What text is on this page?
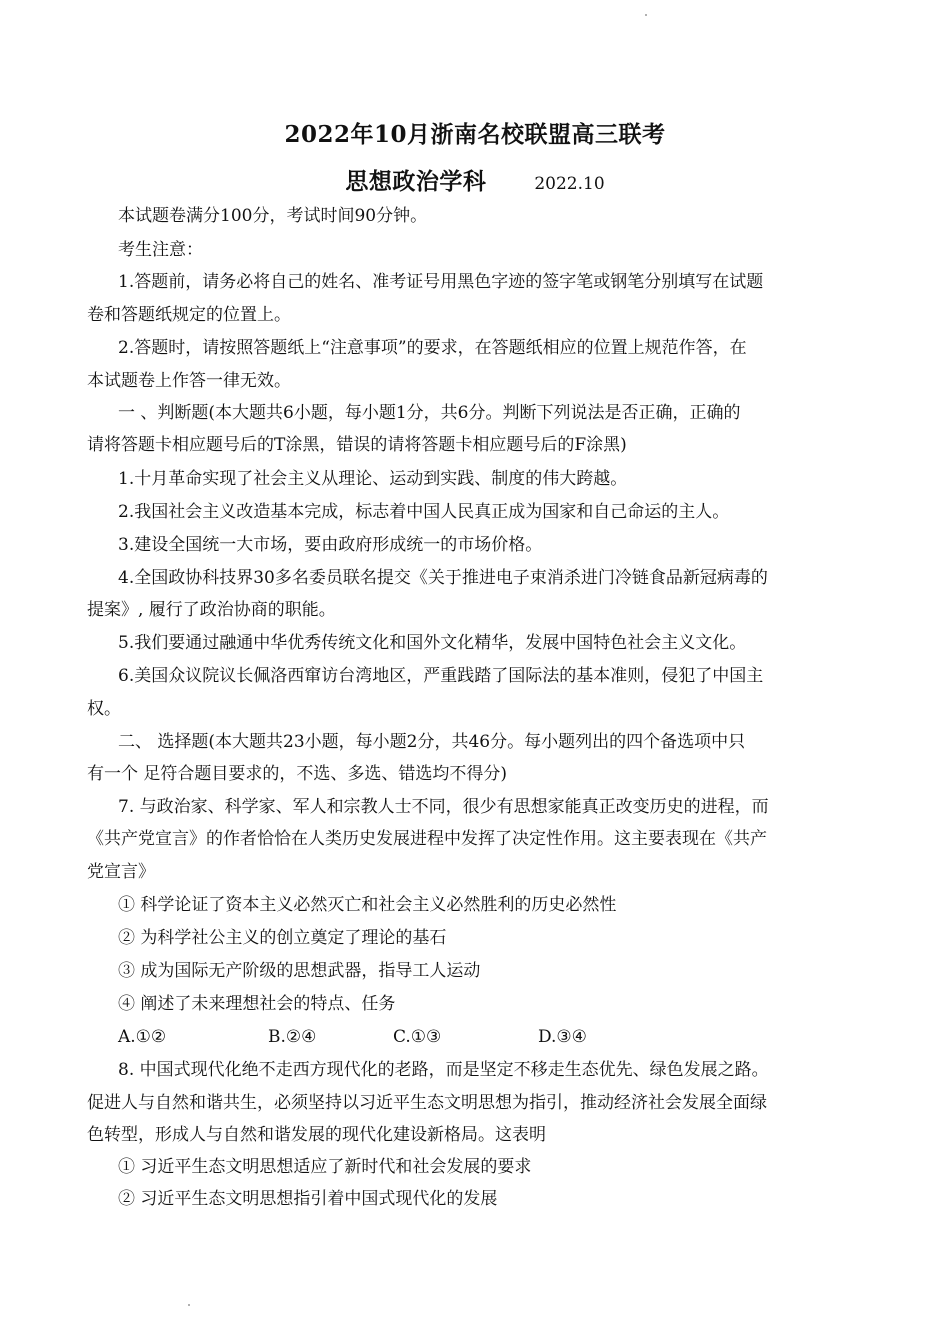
2022年10月浙南名校联盟高三联考
思想政治学科	2022.10
本试题卷满分100分，考试时间90分钟。
考生注意：
1.答题前，请务必将自己的姓名、准考证号用黑色字迹的签字笔或钢笔分别填写在试题
卷和答题纸规定的位置上。
2.答题时，请按照答题纸上“注意事项”的要求，在答题纸相应的位置上规范作答，在
本试题卷上作答一律无效。
一 、判断题(本大题共6小题，每小题1分，共6分。判断下列说法是否正确，正确的
请将答题卡相应题号后的T涂黑，错误的请将答题卡相应题号后的F涂黑)
1.十月革命实现了社会主义从理论、运动到实践、制度的伟大跨越。
2.我国社会主义改造基本完成，标志着中国人民真正成为国家和自己命运的主人。
3.建设全国统一大市场，要由政府形成统一的市场价格。
4.全国政协科技界30多名委员联名提交《关于推进电子束消杀进门冷链食品新冠病毒的
提案》, 履行了政治协商的职能。
5.我们要通过融通中华优秀传统文化和国外文化精华，发展中国特色社会主义文化。
6.美国众议院议长佩洛西窜访台湾地区，严重践踏了国际法的基本准则，侵犯了中国主
权。
二、 选择题(本大题共23小题，每小题2分，共46分。每小题列出的四个备选项中只
有一个 足符合题目要求的，不选、多选、错选均不得分)
7. 与政治家、科学家、军人和宗教人士不同，很少有思想家能真正改变历史的进程，而
《共产党宣言》的作者恰恰在人类历史发展进程中发挥了决定性作用。这主要表现在《共产
党宣言》
① 科学论证了资本主义必然灭亡和社会主义必然胜利的历史必然性
② 为科学社公主义的创立奠定了理论的基石
③ 成为国际无产阶级的思想武器，指导工人运动
④ 阐述了未来理想社会的特点、任务
A.①②	B.②④	C.①③	D.③④
8. 中国式现代化绝不走西方现代化的老路，而是坚定不移走生态优先、绿色发展之路。
促进人与自然和谐共生，必须坚持以习近平生态文明思想为指引，推动经济社会发展全面绿
色转型，形成人与自然和谐发展的现代化建设新格局。这表明
① 习近平生态文明思想适应了新时代和社会发展的要求
② 习近平生态文明思想指引着中国式现代化的发展
